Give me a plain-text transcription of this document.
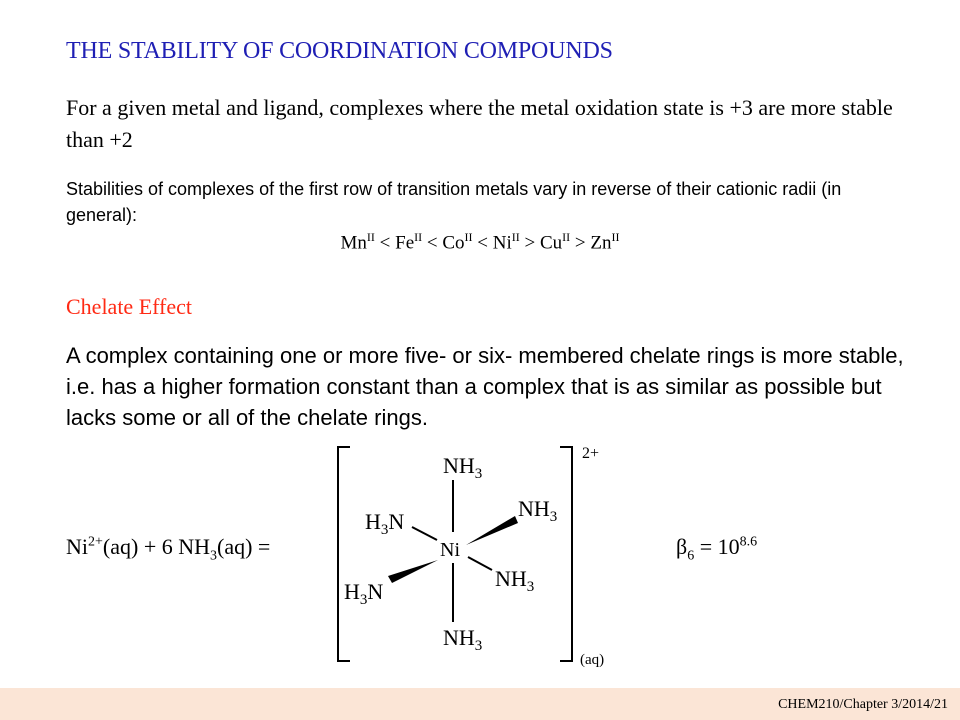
THE STABILITY OF COORDINATION COMPOUNDS
For a given metal and ligand, complexes where the metal oxidation state is +3 are more stable than +2
Stabilities of complexes of the first row of transition metals vary in reverse of their cationic radii (in general):
$Mn^{II} < Fe^{II} < Co^{II} < Ni^{II} > Cu^{II} > Zn^{II}$
Chelate Effect
A complex containing one or more five- or six- membered chelate rings is more stable, i.e. has a higher formation constant than a complex that is as similar as possible but lacks some or all of the chelate rings.
$Ni^{2+}(aq) + 6$ $NH_3(aq)$ =	$\beta_6 = 10^{8.6}$
$NH_3$
$NH_3$
$H_3N$
Ni
$NH_3$
$H_3N$
$NH_3$
2+
(aq)
CHEM210/Chapter 3/2014/21
